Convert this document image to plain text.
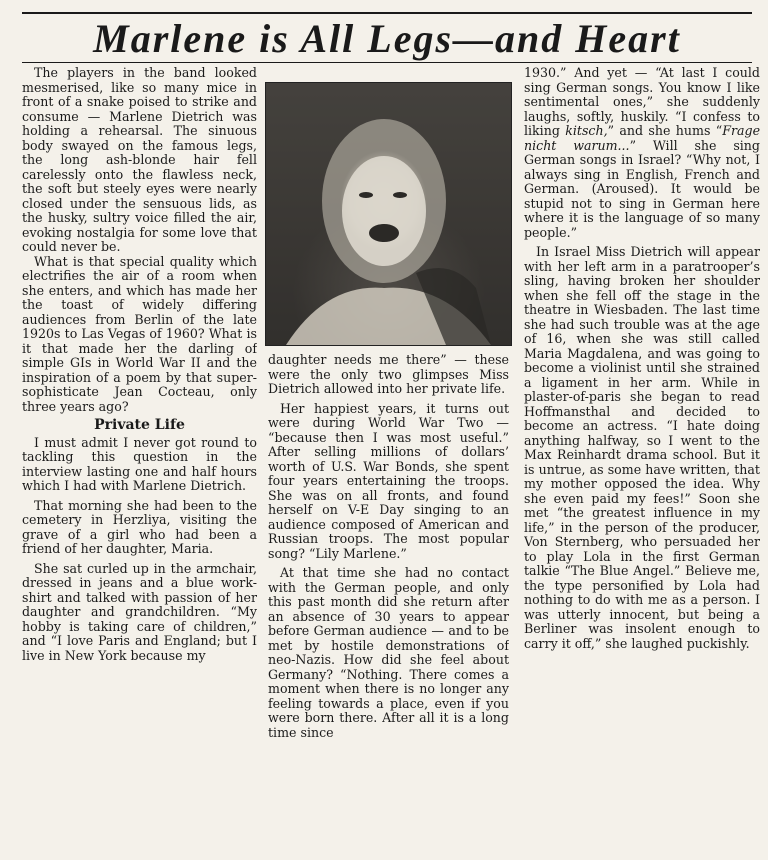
Marlene is All Legs—and Heart

The players in the band looked mesmerised, like so many mice in front of a snake poised to strike and consume — Marlene Dietrich was holding a rehearsal. The sinuous body swayed on the famous legs, the long ash-blonde hair fell carelessly onto the flawless neck, the soft but steely eyes were nearly closed under the sensuous lids, as the husky, sultry voice filled the air, evoking nostalgia for some love that could never be.

What is that special quality which electrifies the air of a room when she enters, and which has made her the toast of widely differing audiences from Berlin of the late 1920s to Las Vegas of 1960? What is it that made her the darling of simple GIs in World War II and the inspiration of a poem by that super-sophisticate Jean Cocteau, only three years ago?

Private Life

I must admit I never got round to tackling this question in the interview lasting one and half hours which I had with Marlene Dietrich.

That morning she had been to the cemetery in Herzliya, visiting the grave of a girl who had been a friend of her daughter, Maria.

She sat curled up in the armchair, dressed in jeans and a blue work-shirt and talked with passion of her daughter and grandchildren. “My hobby is taking care of children,” and “I love Paris and England; but I live in New York because my

daughter needs me there” — these were the only two glimpses Miss Dietrich allowed into her private life.

Her happiest years, it turns out were during World War Two — “because then I was most useful.” After selling millions of dollars’ worth of U.S. War Bonds, she spent four years entertaining the troops. She was on all fronts, and found herself on V-E Day singing to an audience composed of American and Russian troops. The most popular song? “Lily Marlene.”

At that time she had no contact with the German people, and only this past month did she return after an absence of 30 years to appear before German audience — and to be met by hostile demonstrations of neo-Nazis. How did she feel about Germany? “Nothing. There comes a moment when there is no longer any feeling towards a place, even if you were born there. After all it is a long time since

1930.” And yet — “At last I could sing German songs. You know I like sentimental ones,” she suddenly laughs, softly, huskily. “I confess to liking kitsch,” and she hums “Frage nicht warum...” Will she sing German songs in Israel? “Why not, I always sing in English, French and German. (Aroused). It would be stupid not to sing in German here where it is the language of so many people.”

In Israel Miss Dietrich will appear with her left arm in a paratrooper’s sling, having broken her shoulder when she fell off the stage in the theatre in Wiesbaden. The last time she had such trouble was at the age of 16, when she was still called Maria Magdalena, and was going to become a violinist until she strained a ligament in her arm. While in plaster-of-paris she began to read Hoffmansthal and decided to become an actress. “I hate doing anything halfway, so I went to the Max Reinhardt drama school. But it is untrue, as some have written, that my mother opposed the idea. Why she even paid my fees!” Soon she met “the greatest influence in my life,” in the person of the producer, Von Sternberg, who persuaded her to play Lola in the first German talkie “The Blue Angel.” Believe me, the type personified by Lola had nothing to do with me as a person. I was utterly innocent, but being a Berliner was insolent enough to carry it off,” she laughed puckishly.
